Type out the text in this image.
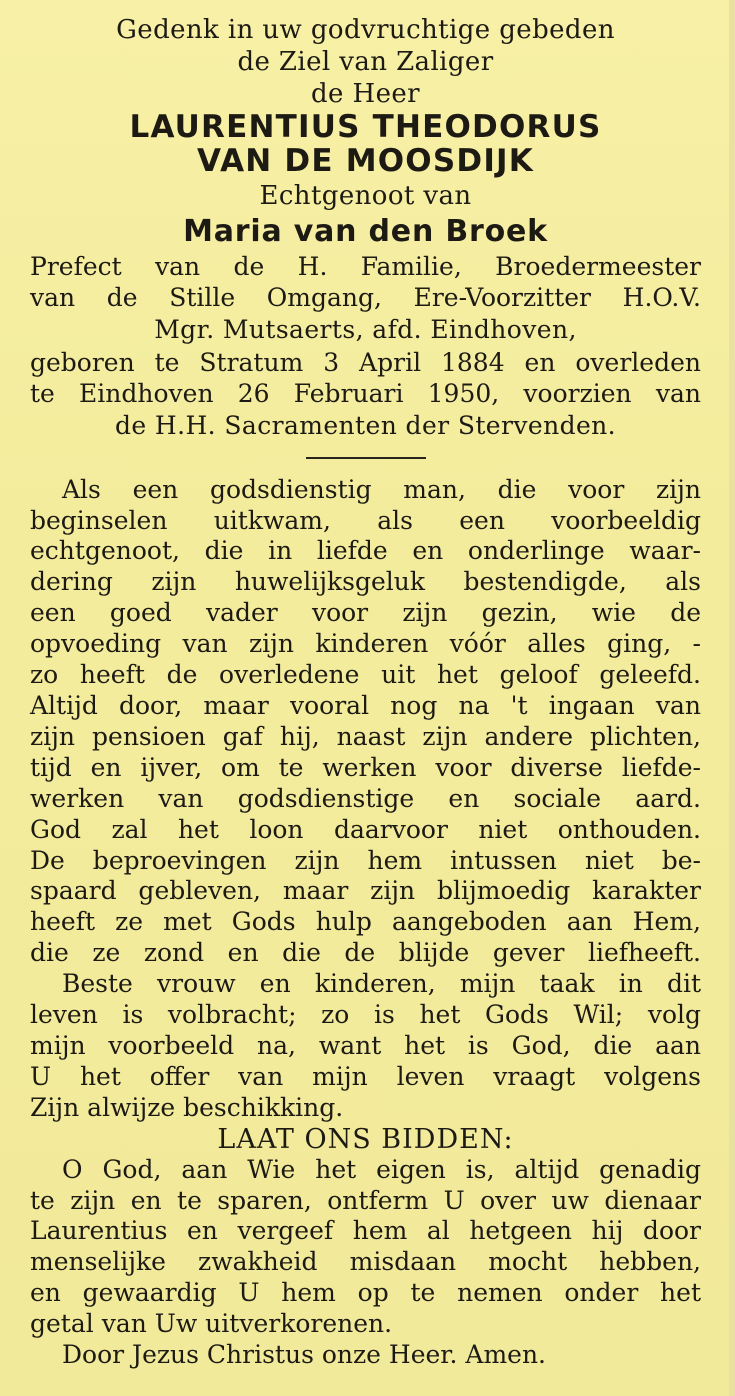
Gedenk in uw godvruchtige gebeden
de Ziel van Zaliger
de Heer
LAURENTIUS THEODORUS
VAN DE MOOSDIJK
Echtgenoot van
Maria van den Broek
Prefect van de H. Familie, Broedermeester
van de Stille Omgang, Ere-Voorzitter H.O.V.
Mgr. Mutsaerts, afd. Eindhoven,
geboren te Stratum 3 April 1884 en overleden
te Eindhoven 26 Februari 1950, voorzien van
de H.H. Sacramenten der Stervenden.
Als een godsdienstig man, die voor zijn
beginselen uitkwam, als een voorbeeldig
echtgenoot, die in liefde en onderlinge waar-
dering zijn huwelijksgeluk bestendigde, als
een goed vader voor zijn gezin, wie de
opvoeding van zijn kinderen vóór alles ging, -
zo heeft de overledene uit het geloof geleefd.
Altijd door, maar vooral nog na 't ingaan van
zijn pensioen gaf hij, naast zijn andere plichten,
tijd en ijver, om te werken voor diverse liefde-
werken van godsdienstige en sociale aard.
God zal het loon daarvoor niet onthouden.
De beproevingen zijn hem intussen niet be-
spaard gebleven, maar zijn blijmoedig karakter
heeft ze met Gods hulp aangeboden aan Hem,
die ze zond en die de blijde gever liefheeft.
Beste vrouw en kinderen, mijn taak in dit
leven is volbracht; zo is het Gods Wil; volg
mijn voorbeeld na, want het is God, die aan
U het offer van mijn leven vraagt volgens
Zijn alwijze beschikking.
LAAT ONS BIDDEN:
O God, aan Wie het eigen is, altijd genadig
te zijn en te sparen, ontferm U over uw dienaar
Laurentius en vergeef hem al hetgeen hij door
menselijke zwakheid misdaan mocht hebben,
en gewaardig U hem op te nemen onder het
getal van Uw uitverkorenen.
Door Jezus Christus onze Heer. Amen.
